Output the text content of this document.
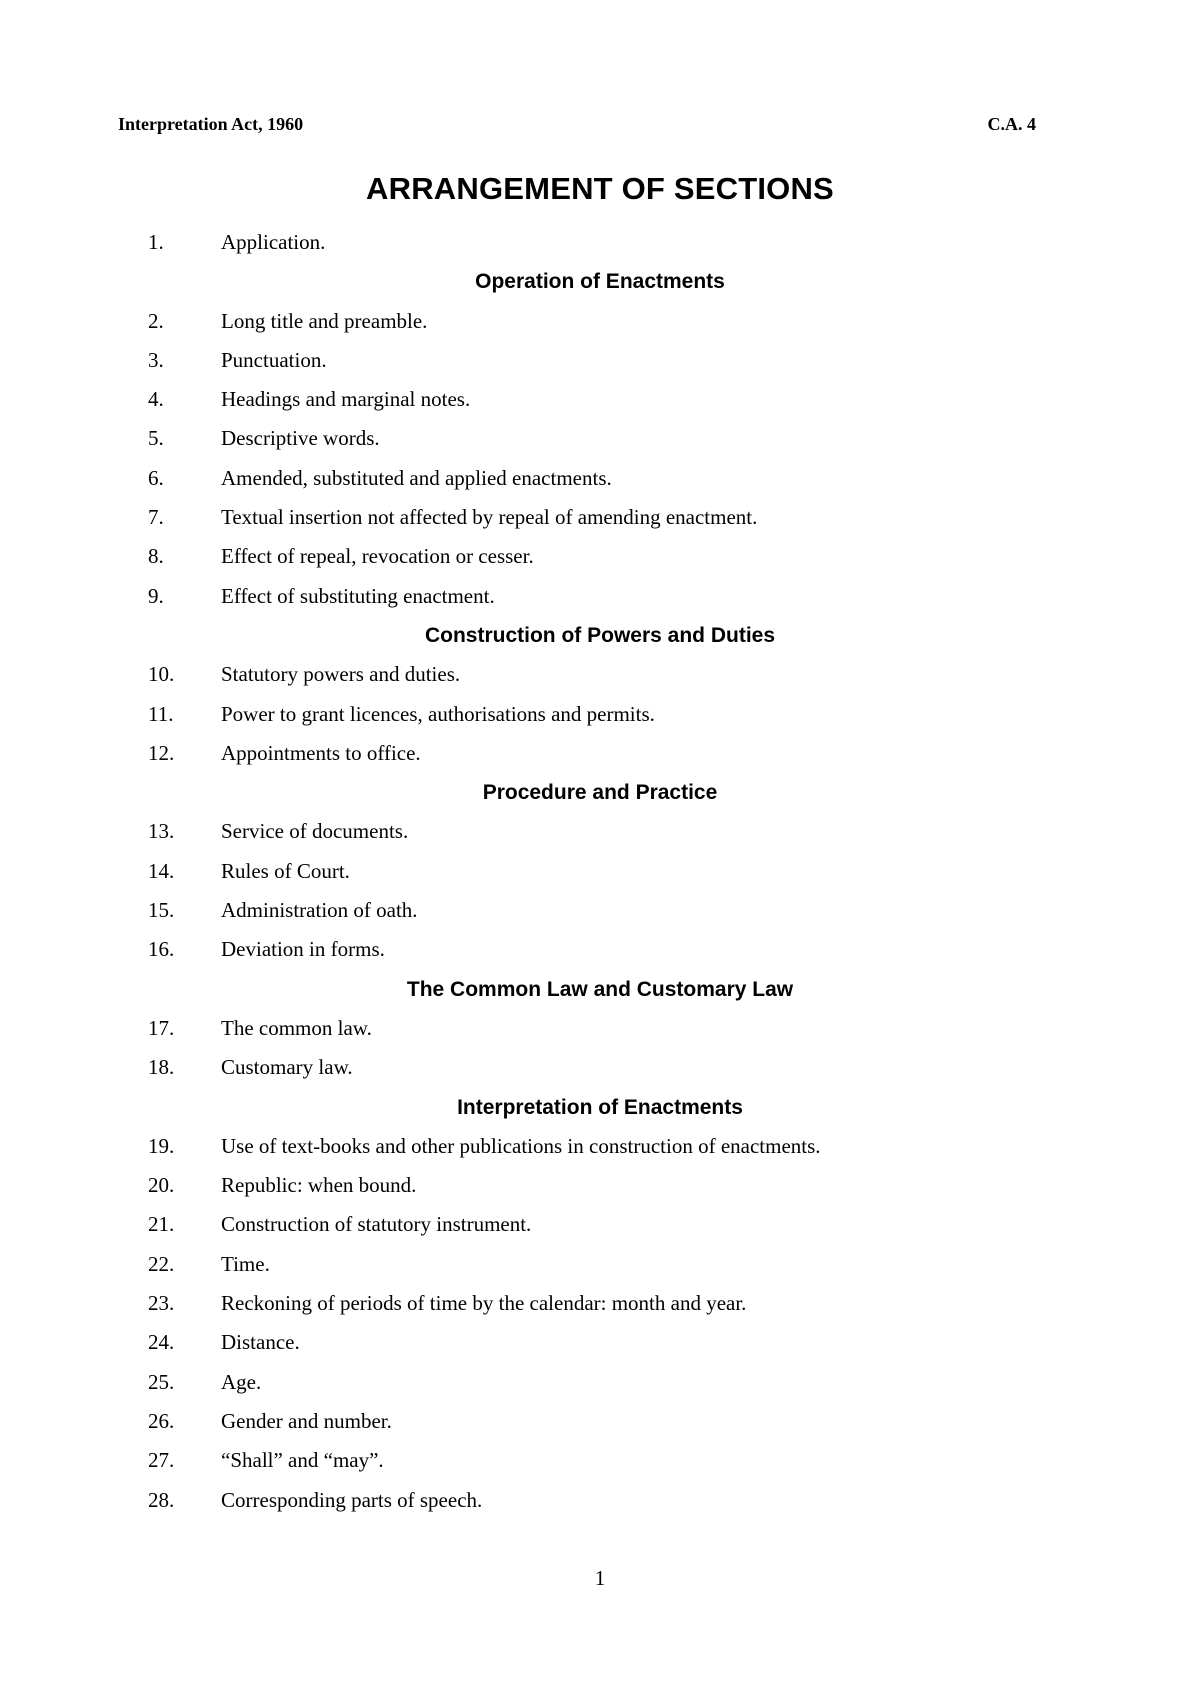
Interpretation Act, 1960	C.A. 4
ARRANGEMENT OF SECTIONS
1.	Application.
Operation of Enactments
2.	Long title and preamble.
3.	Punctuation.
4.	Headings and marginal notes.
5.	Descriptive words.
6.	Amended, substituted and applied enactments.
7.	Textual insertion not affected by repeal of amending enactment.
8.	Effect of repeal, revocation or cesser.
9.	Effect of substituting enactment.
Construction of Powers and Duties
10. Statutory powers and duties.
11. Power to grant licences, authorisations and permits.
12. Appointments to office.
Procedure and Practice
13. Service of documents.
14. Rules of Court.
15. Administration of oath.
16. Deviation in forms.
The Common Law and Customary Law
17. The common law.
18. Customary law.
Interpretation of Enactments
19. Use of text-books and other publications in construction of enactments.
20. Republic: when bound.
21. Construction of statutory instrument.
22. Time.
23. Reckoning of periods of time by the calendar: month and year.
24. Distance.
25. Age.
26. Gender and number.
27. “Shall” and “may”.
28. Corresponding parts of speech.
1
